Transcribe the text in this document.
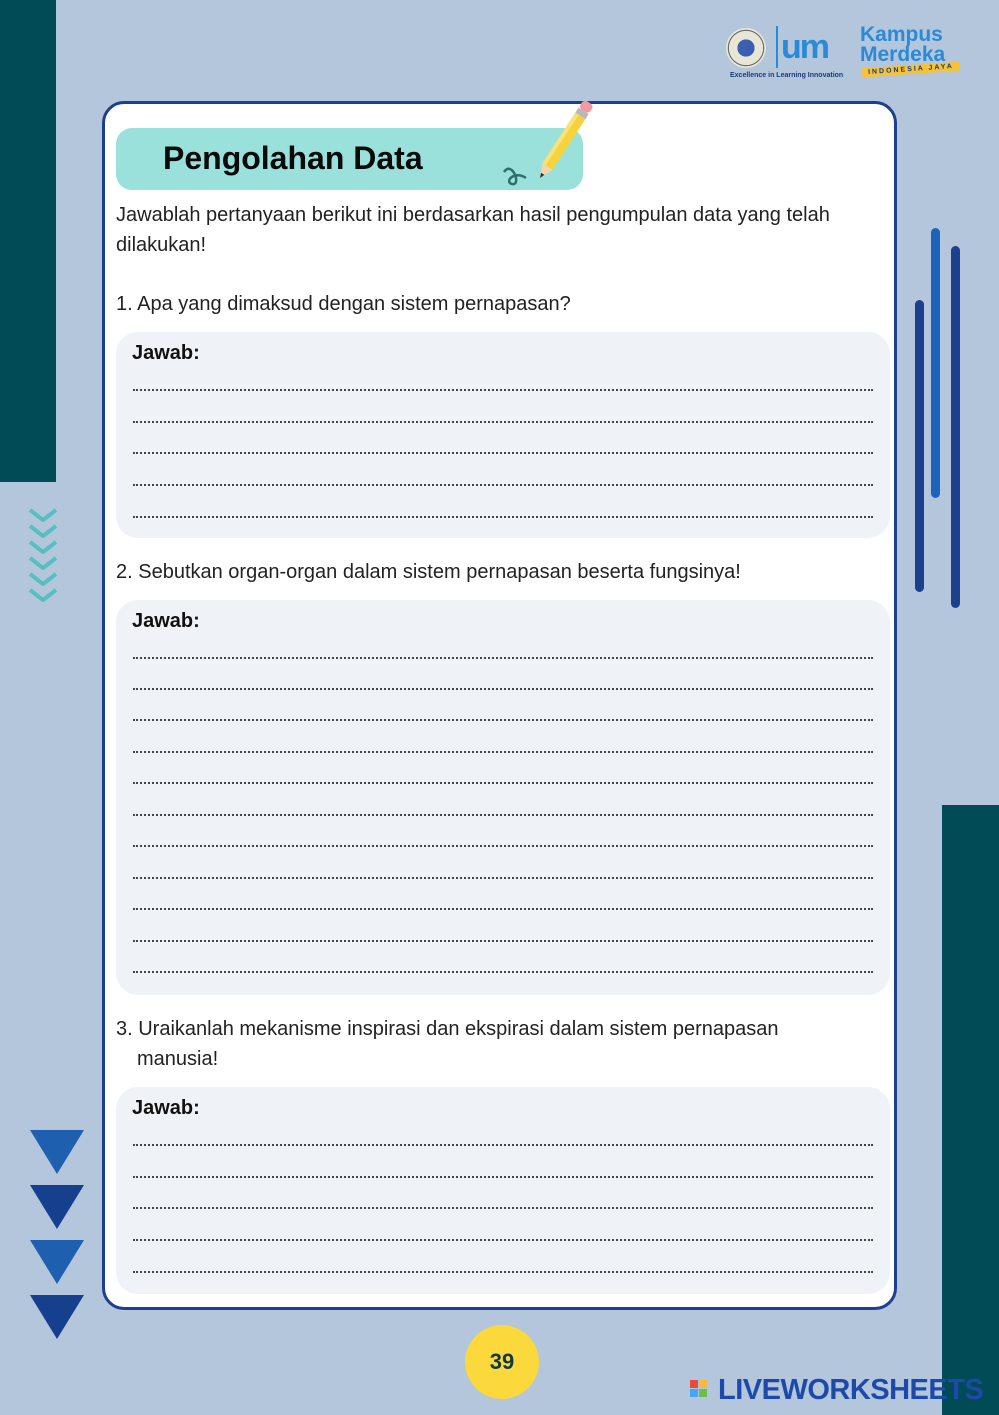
um Kampus
Merdeka
INDONESIA JAYA
Excellence in Learning Innovation
Pengolahan Data
Jawablah pertanyaan berikut ini berdasarkan hasil pengumpulan data yang telah dilakukan!
1. Apa yang dimaksud dengan sistem pernapasan?
Jawab:
2. Sebutkan organ-organ dalam sistem pernapasan beserta fungsinya!
Jawab:
3. Uraikanlah mekanisme inspirasi dan ekspirasi dalam sistem pernapasan
manusia!
Jawab:
39
LIVEWORKSHEETS
